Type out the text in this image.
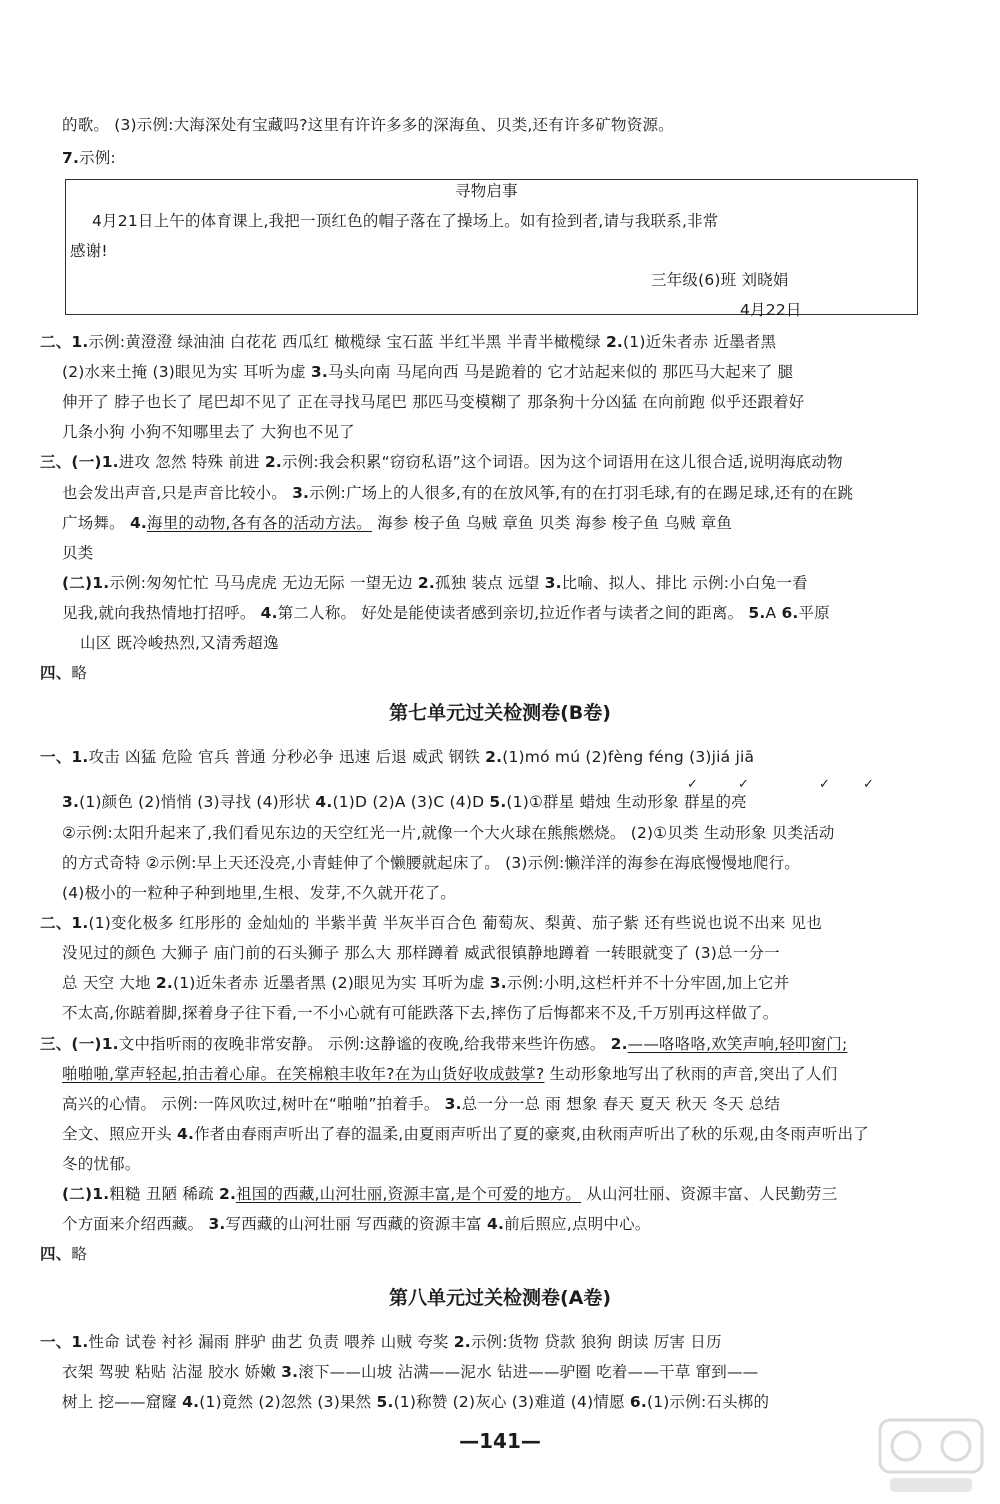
第七单元过关检测卷(B卷)
第八单元过关检测卷(A卷)
的歌。 (3)示例:大海深处有宝藏吗?这里有许许多多的深海鱼、贝类,还有许多矿物资源。
7.示例:
寻物启事
4月21日上午的体育课上,我把一顶红色的帽子落在了操场上。如有捡到者,请与我联系,非常
感谢!
三年级(6)班 刘晓娟
4月22日
二、1.示例:黄澄澄 绿油油 白花花 西瓜红 橄榄绿 宝石蓝 半红半黑 半青半橄榄绿 2.(1)近朱者赤 近墨者黑
(2)水来土掩 (3)眼见为实 耳听为虚 3.马头向南 马尾向西 马是跪着的 它才站起来似的 那匹马大起来了 腿
伸开了 脖子也长了 尾巴却不见了 正在寻找马尾巴 那匹马变模糊了 那条狗十分凶猛 在向前跑 似乎还跟着好
几条小狗 小狗不知哪里去了 大狗也不见了
三、(一)1.进攻 忽然 特殊 前进 2.示例:我会积累“窃窃私语”这个词语。因为这个词语用在这儿很合适,说明海底动物
也会发出声音,只是声音比较小。 3.示例:广场上的人很多,有的在放风筝,有的在打羽毛球,有的在踢足球,还有的在跳
广场舞。 4.海里的动物,各有各的活动方法。 海参 梭子鱼 乌贼 章鱼 贝类 海参 梭子鱼 乌贼 章鱼
贝类
(二)1.示例:匆匆忙忙 马马虎虎 无边无际 一望无边 2.孤独 装点 远望 3.比喻、拟人、排比 示例:小白兔一看
见我,就向我热情地打招呼。 4.第二人称。 好处是能使读者感到亲切,拉近作者与读者之间的距离。 5.A 6.平原
山区 既冷峻热烈,又清秀超逸
四、略
一、1.攻击 凶猛 危险 官兵 普通 分秒必争 迅速 后退 威武 钢铁 2.(1)mó mú (2)fèng féng (3)jiá jiā
3.(1)颜色 (2)悄悄 (3)寻找 (4)形状 4.(1)D (2)A (3)C (4)D 5.(1)①群星 蜡烛 生动形象 群星的亮
②示例:太阳升起来了,我们看见东边的天空红光一片,就像一个大火球在熊熊燃烧。 (2)①贝类 生动形象 贝类活动
的方式奇特 ②示例:早上天还没亮,小青蛙伸了个懒腰就起床了。 (3)示例:懒洋洋的海参在海底慢慢地爬行。
(4)极小的一粒种子种到地里,生根、发芽,不久就开花了。
二、1.(1)变化极多 红彤彤的 金灿灿的 半紫半黄 半灰半百合色 葡萄灰、梨黄、茄子紫 还有些说也说不出来 见也
没见过的颜色 大狮子 庙门前的石头狮子 那么大 那样蹲着 威武很镇静地蹲着 一转眼就变了 (3)总一分一
总 天空 大地 2.(1)近朱者赤 近墨者黑 (2)眼见为实 耳听为虚 3.示例:小明,这栏杆并不十分牢固,加上它并
不太高,你踮着脚,探着身子往下看,一不小心就有可能跌落下去,摔伤了后悔都来不及,千万别再这样做了。
三、(一)1.文中指听雨的夜晚非常安静。 示例:这静谧的夜晚,给我带来些许伤感。 2.——咯咯咯,欢笑声响,轻叩窗门;
啪啪啪,掌声轻起,拍击着心扉。在笑棉粮丰收年?在为山货好收成鼓掌? 生动形象地写出了秋雨的声音,突出了人们
高兴的心情。 示例:一阵风吹过,树叶在“啪啪”拍着手。 3.总一分一总 雨 想象 春天 夏天 秋天 冬天 总结
全文、照应开头 4.作者由春雨声听出了春的温柔,由夏雨声听出了夏的豪爽,由秋雨声听出了秋的乐观,由冬雨声听出了
冬的忧郁。
(二)1.粗糙 丑陋 稀疏 2.祖国的西藏,山河壮丽,资源丰富,是个可爱的地方。 从山河壮丽、资源丰富、人民勤劳三
个方面来介绍西藏。 3.写西藏的山河壮丽 写西藏的资源丰富 4.前后照应,点明中心。
四、略
一、1.性命 试卷 衬衫 漏雨 胖驴 曲艺 负责 喂养 山贼 夸奖 2.示例:货物 贷款 狼狗 朗读 厉害 日历
衣架 驾驶 粘贴 沾湿 胶水 娇嫩 3.滚下——山坡 沾满——泥水 钻进——驴圈 吃着——干草 窜到——
树上 挖——窟窿 4.(1)竟然 (2)忽然 (3)果然 5.(1)称赞 (2)灰心 (3)难道 (4)情愿 6.(1)示例:石头梆的
✓	✓	✓	✓
—141—
